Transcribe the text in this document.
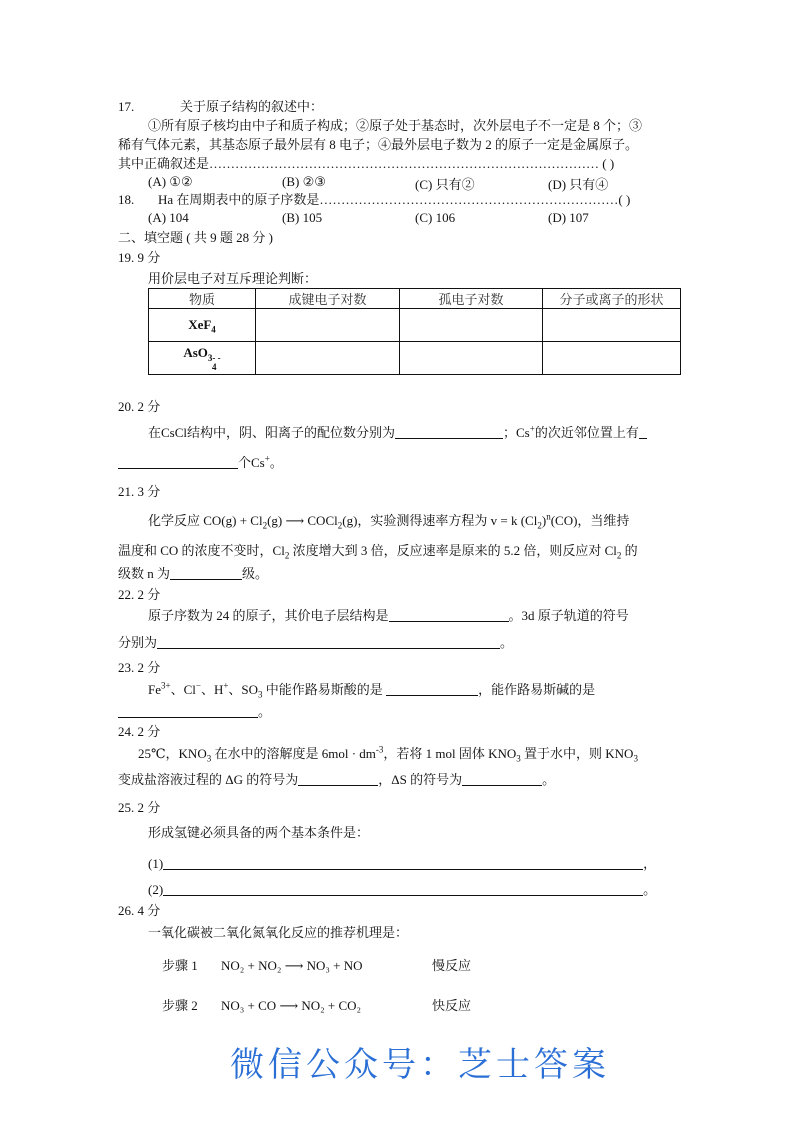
17.	关于原子结构的叙述中：
①所有原子核均由中子和质子构成；②原子处于基态时，次外层电子不一定是 8 个；③
稀有气体元素，其基态原子最外层有 8 电子；④最外层电子数为 2 的原子一定是金属原子。
其中正确叙述是……………………………………………………………………………… ( )
(A) ①②	(B) ②③	(C) 只有②	(D) 只有④
18. Ha 在周期表中的原子序数是……………………………………………………………( )
(A) 104	(B) 105	(C) 106	(D) 107
二、填空题 ( 共 9 题 28 分 )
19. 9 分
用价层电子对互斥理论判断：
物质	成键电子对数	孤电子对数	分子或离子的形状
XeF$_4$			
AsO 3- -
4			

20. 2 分
在CsCl结构中，阴、阳离子的配位数分别为	；Cs+的次近邻位置上有
个Cs+。
21. 3 分
化学反应 $CO(g) + Cl_2(g)$ ⟶ COCl$_2$(g)，实验测得速率方程为 v = k $(Cl_2)^n(CO)$，当维持
温度和 CO 的浓度不变时，$Cl_2$ 浓度增大到 3 倍，反应速率是原来的 5.2 倍，则反应对 $Cl_2$ 的
级数 n 为	级。
22. 2 分
原子序数为 24 的原子，其价电子层结构是	。3d 原子轨道的符号
分别为	。
23. 2 分
$Fe^{3+}$、Cl−、H+、$SO_3$ 中能作路易斯酸的是	，能作路易斯碱的是
。
24. 2 分
25℃，$KNO_3$ 在水中的溶解度是 $6mol \cdot dm^{-3}$，若将 1 mol 固体 $KNO_3$ 置于水中，则 $KNO_3$
变成盐溶液过程的 ΔG 的符号为	，ΔS 的符号为	。
25. 2 分
形成氢键必须具备的两个基本条件是：
(1)	，
(2)	。
26. 4 分
一氧化碳被二氧化氮氧化反应的推荐机理是：
步骤 1 NO₂ + NO₂ ⟶ NO₃ + NO	慢反应
步骤 2 NO₃ + CO ⟶ NO₂ + CO₂	快反应
微信公众号：芝士答案
